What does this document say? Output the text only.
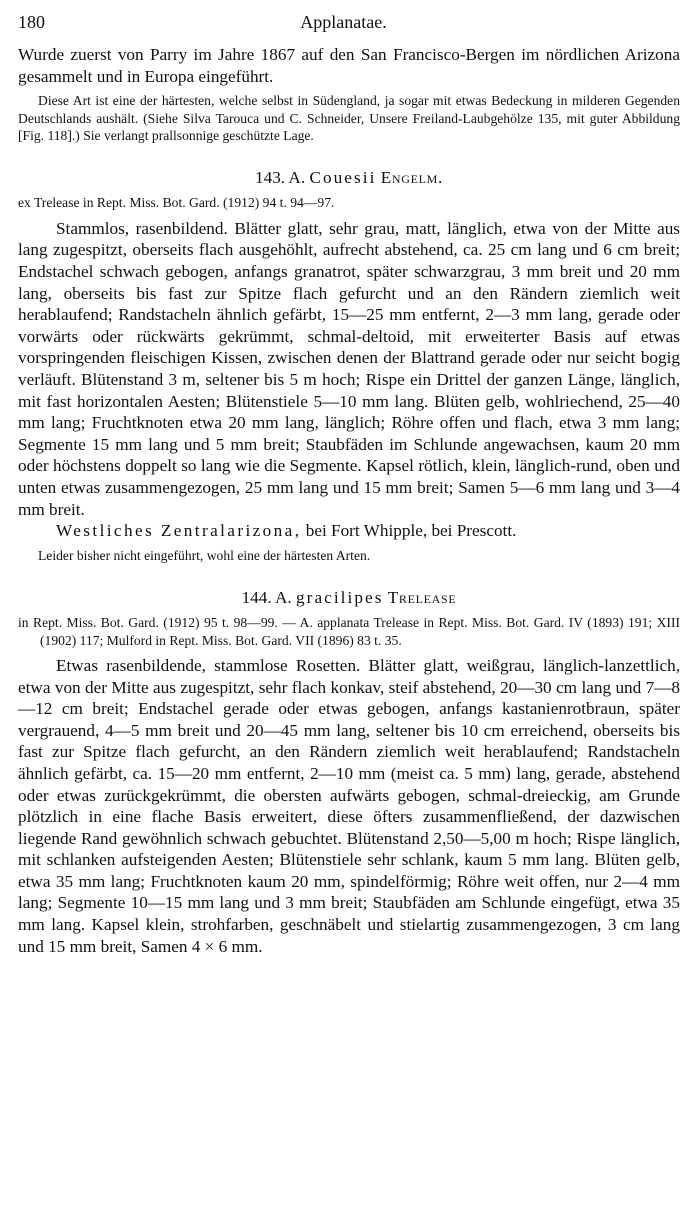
180	Applanatae.

Wurde zuerst von Parry im Jahre 1867 auf den San Francisco-Bergen im nördlichen Arizona gesammelt und in Europa eingeführt.

Diese Art ist eine der härtesten, welche selbst in Südengland, ja sogar mit etwas Bedeckung in milderen Gegenden Deutschlands aushält. (Siehe Silva Tarouca und C. Schneider, Unsere Freiland-Laubgehölze 135, mit guter Abbildung [Fig. 118].) Sie verlangt prallsonnige geschützte Lage.

143. A. Couesii Engelm.

ex Trelease in Rept. Miss. Bot. Gard. (1912) 94 t. 94—97.

Stammlos, rasenbildend. Blätter glatt, sehr grau, matt, länglich, etwa von der Mitte aus lang zugespitzt, oberseits flach ausgehöhlt, aufrecht abstehend, ca. 25 cm lang und 6 cm breit; Endstachel schwach gebogen, anfangs granatrot, später schwarzgrau, 3 mm breit und 20 mm lang, oberseits bis fast zur Spitze flach gefurcht und an den Rändern ziemlich weit herablaufend; Randstacheln ähnlich gefärbt, 15—25 mm entfernt, 2—3 mm lang, gerade oder vorwärts oder rückwärts gekrümmt, schmal-deltoid, mit erweiterter Basis auf etwas vorspringenden fleischigen Kissen, zwischen denen der Blattrand gerade oder nur seicht bogig verläuft. Blütenstand 3 m, seltener bis 5 m hoch; Rispe ein Drittel der ganzen Länge, länglich, mit fast horizontalen Aesten; Blütenstiele 5—10 mm lang. Blüten gelb, wohlriechend, 25—40 mm lang; Fruchtknoten etwa 20 mm lang, länglich; Röhre offen und flach, etwa 3 mm lang; Segmente 15 mm lang und 5 mm breit; Staubfäden im Schlunde angewachsen, kaum 20 mm oder höchstens doppelt so lang wie die Segmente. Kapsel rötlich, klein, länglich-rund, oben und unten etwas zusammengezogen, 25 mm lang und 15 mm breit; Samen 5—6 mm lang und 3—4 mm breit.

Westliches Zentralarizona, bei Fort Whipple, bei Prescott.

Leider bisher nicht eingeführt, wohl eine der härtesten Arten.

144. A. gracilipes Trelease

in Rept. Miss. Bot. Gard. (1912) 95 t. 98—99. — A. applanata Trelease in Rept. Miss. Bot. Gard. IV (1893) 191; XIII (1902) 117; Mulford in Rept. Miss. Bot. Gard. VII (1896) 83 t. 35.

Etwas rasenbildende, stammlose Rosetten. Blätter glatt, weißgrau, länglich-lanzettlich, etwa von der Mitte aus zugespitzt, sehr flach konkav, steif abstehend, 20—30 cm lang und 7—8—12 cm breit; Endstachel gerade oder etwas gebogen, anfangs kastanienrotbraun, später vergrauend, 4—5 mm breit und 20—45 mm lang, seltener bis 10 cm erreichend, oberseits bis fast zur Spitze flach gefurcht, an den Rändern ziemlich weit herablaufend; Randstacheln ähnlich gefärbt, ca. 15—20 mm entfernt, 2—10 mm (meist ca. 5 mm) lang, gerade, abstehend oder etwas zurückgekrümmt, die obersten aufwärts gebogen, schmal-dreieckig, am Grunde plötzlich in eine flache Basis erweitert, diese öfters zusammenfließend, der dazwischen liegende Rand gewöhnlich schwach gebuchtet. Blütenstand 2,50—5,00 m hoch; Rispe länglich, mit schlanken aufsteigenden Aesten; Blütenstiele sehr schlank, kaum 5 mm lang. Blüten gelb, etwa 35 mm lang; Fruchtknoten kaum 20 mm, spindelförmig; Röhre weit offen, nur 2—4 mm lang; Segmente 10—15 mm lang und 3 mm breit; Staubfäden am Schlunde eingefügt, etwa 35 mm lang. Kapsel klein, strohfarben, geschnäbelt und stielartig zusammengezogen, 3 cm lang und 15 mm breit, Samen 4 × 6 mm.
